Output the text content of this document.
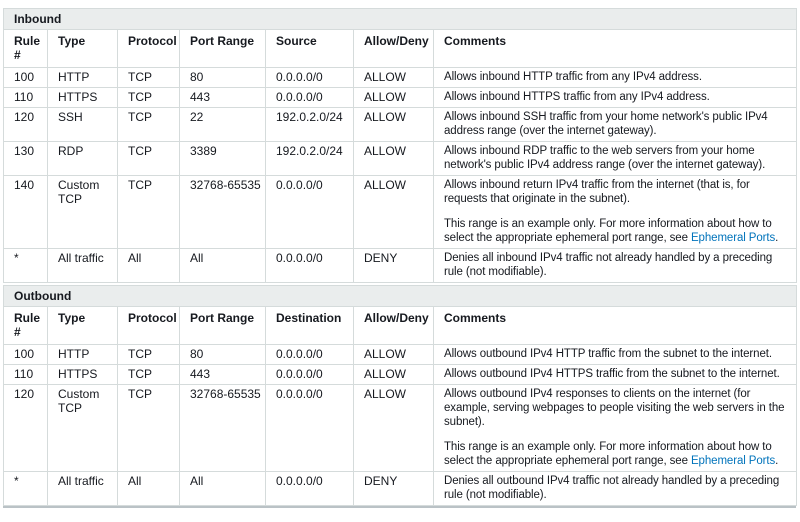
Inbound						
Rule #	Type	Protocol	Port Range	Source	Allow/Deny	Comments
100	HTTP	TCP	80	0.0.0.0/0	ALLOW	Allows inbound HTTP traffic from any IPv4 address.

110	HTTPS	TCP	443	0.0.0.0/0	ALLOW	Allows inbound HTTPS traffic from any IPv4 address.

120	SSH	TCP	22	192.0.2.0/24	ALLOW	Allows inbound SSH traffic from your home network's public IPv4 address range (over the internet gateway).

130	RDP	TCP	3389	192.0.2.0/24	ALLOW	Allows inbound RDP traffic to the web servers from your home network's public IPv4 address range (over the internet gateway).

140	Custom TCP	TCP	32768-65535	0.0.0.0/0	ALLOW	Allows inbound return IPv4 traffic from the internet (that is, for requests that originate in the subnet).

This range is an example only. For more information about how to select the appropriate ephemeral port range, see Ephemeral Ports.

*	All traffic	All	All	0.0.0.0/0	DENY	Denies all inbound IPv4 traffic not already handled by a preceding rule (not modifiable).

Outbound						
Rule #	Type	Protocol	Port Range	Destination	Allow/Deny	Comments
100	HTTP	TCP	80	0.0.0.0/0	ALLOW	Allows outbound IPv4 HTTP traffic from the subnet to the internet.

110	HTTPS	TCP	443	0.0.0.0/0	ALLOW	Allows outbound IPv4 HTTPS traffic from the subnet to the internet.

120	Custom TCP	TCP	32768-65535	0.0.0.0/0	ALLOW	Allows outbound IPv4 responses to clients on the internet (for example, serving webpages to people visiting the web servers in the subnet).

This range is an example only. For more information about how to select the appropriate ephemeral port range, see Ephemeral Ports.

*	All traffic	All	All	0.0.0.0/0	DENY	Denies all outbound IPv4 traffic not already handled by a preceding rule (not modifiable).
